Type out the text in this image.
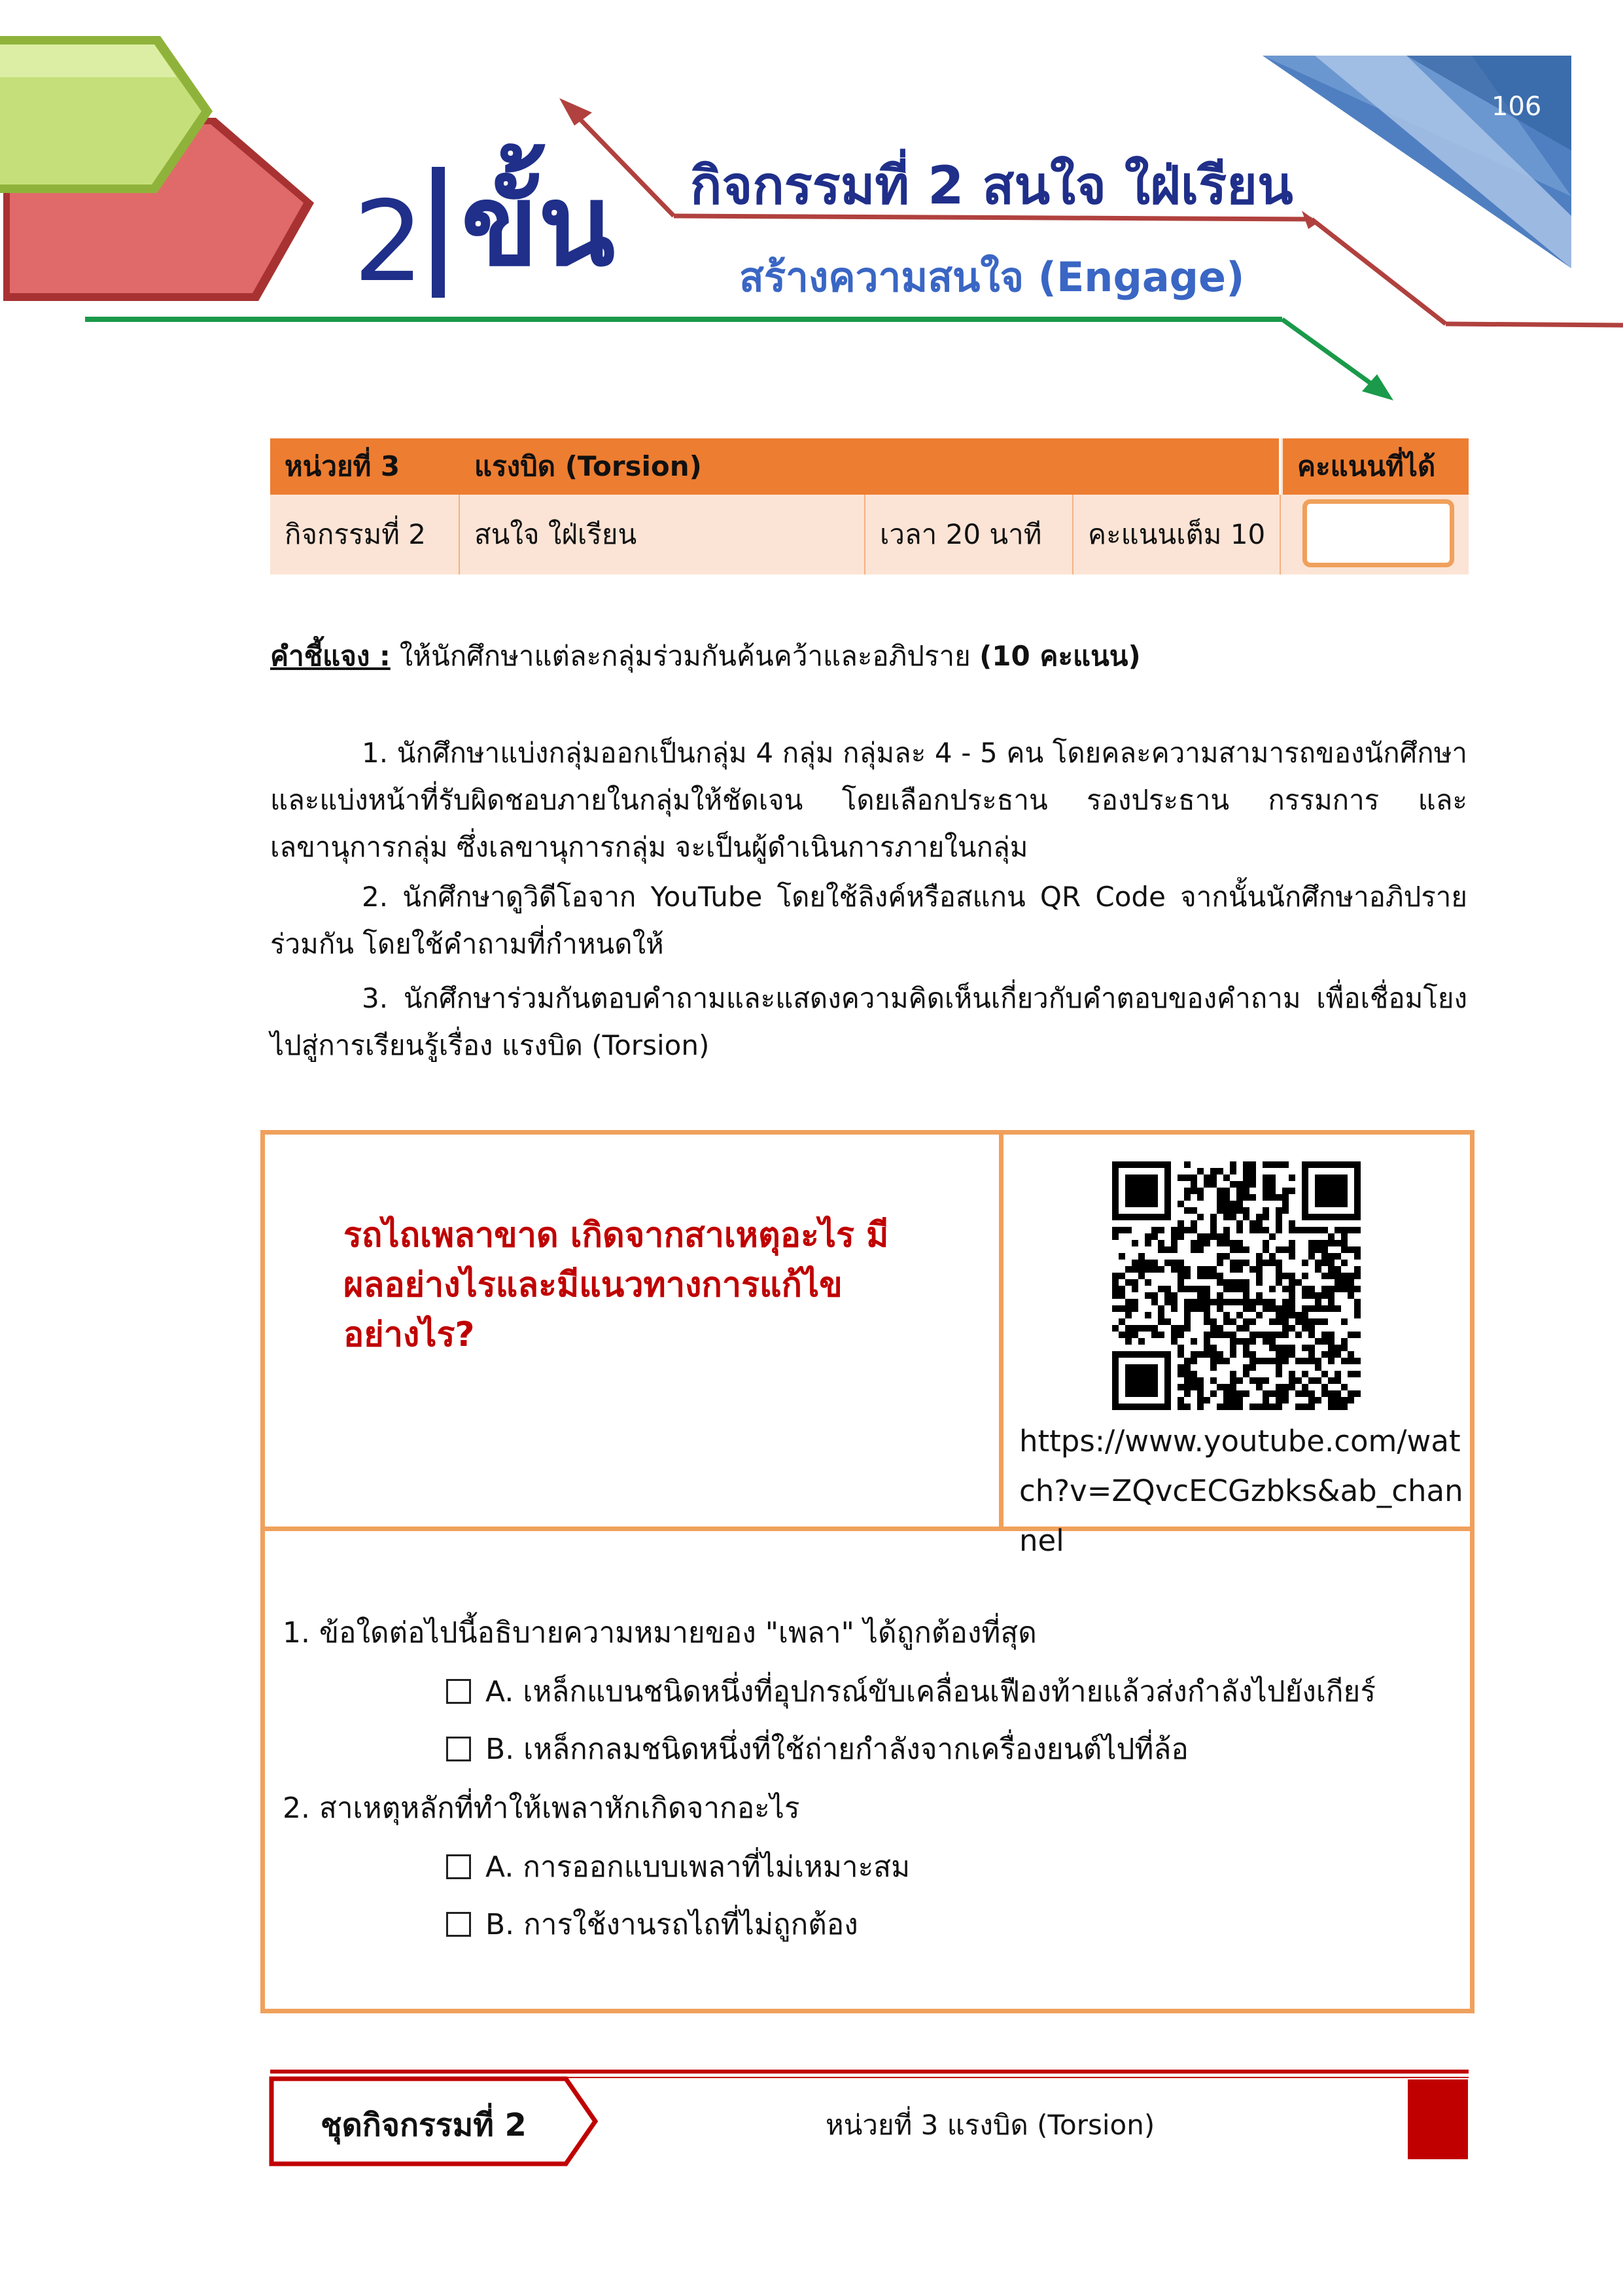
106
2 ขั้น กิจกรรมที่ 2 สนใจ ใฝ่เรียน
สร้างความสนใจ (Engage)
หน่วยที่ 3	แรงบิด (Torsion)	คะแนนที่ได้
กิจกรรมที่ 2	สนใจ ใฝ่เรียน	เวลา 20 นาที	คะแนนเต็ม 10
คำชี้แจง : ให้นักศึกษาแต่ละกลุ่มร่วมกันค้นคว้าและอภิปราย (10 คะแนน)
1. นักศึกษาแบ่งกลุ่มออกเป็นกลุ่ม 4 กลุ่ม กลุ่มละ 4 - 5 คน โดยคละความสามารถของนักศึกษา และแบ่งหน้าที่รับผิดชอบภายในกลุ่มให้ชัดเจน โดยเลือกประธาน รองประธาน กรรมการ และเลขานุการกลุ่ม ซึ่งเลขานุการกลุ่ม จะเป็นผู้ดำเนินการภายในกลุ่ม
2. นักศึกษาดูวิดีโอจาก YouTube โดยใช้ลิงค์หรือสแกน QR Code จากนั้นนักศึกษาอภิปรายร่วมกัน โดยใช้คำถามที่กำหนดให้
3. นักศึกษาร่วมกันตอบคำถามและแสดงความคิดเห็นเกี่ยวกับคำตอบของคำถาม เพื่อเชื่อมโยงไปสู่การเรียนรู้เรื่อง แรงบิด (Torsion)
รถไถเพลาขาด เกิดจากสาเหตุอะไร มีผลอย่างไรและมีแนวทางการแก้ไขอย่างไร?
https://www.youtube.com/watch?v=ZQvcECGzbks&ab_channel
1. ข้อใดต่อไปนี้อธิบายความหมายของ "เพลา" ได้ถูกต้องที่สุด
A. เหล็กแบนชนิดหนึ่งที่อุปกรณ์ขับเคลื่อนเฟืองท้ายแล้วส่งกำลังไปยังเกียร์
B. เหล็กกลมชนิดหนึ่งที่ใช้ถ่ายกำลังจากเครื่องยนต์ไปที่ล้อ
2. สาเหตุหลักที่ทำให้เพลาหักเกิดจากอะไร
A. การออกแบบเพลาที่ไม่เหมาะสม
B. การใช้งานรถไถที่ไม่ถูกต้อง
ชุดกิจกรรมที่ 2	หน่วยที่ 3 แรงบิด (Torsion)
